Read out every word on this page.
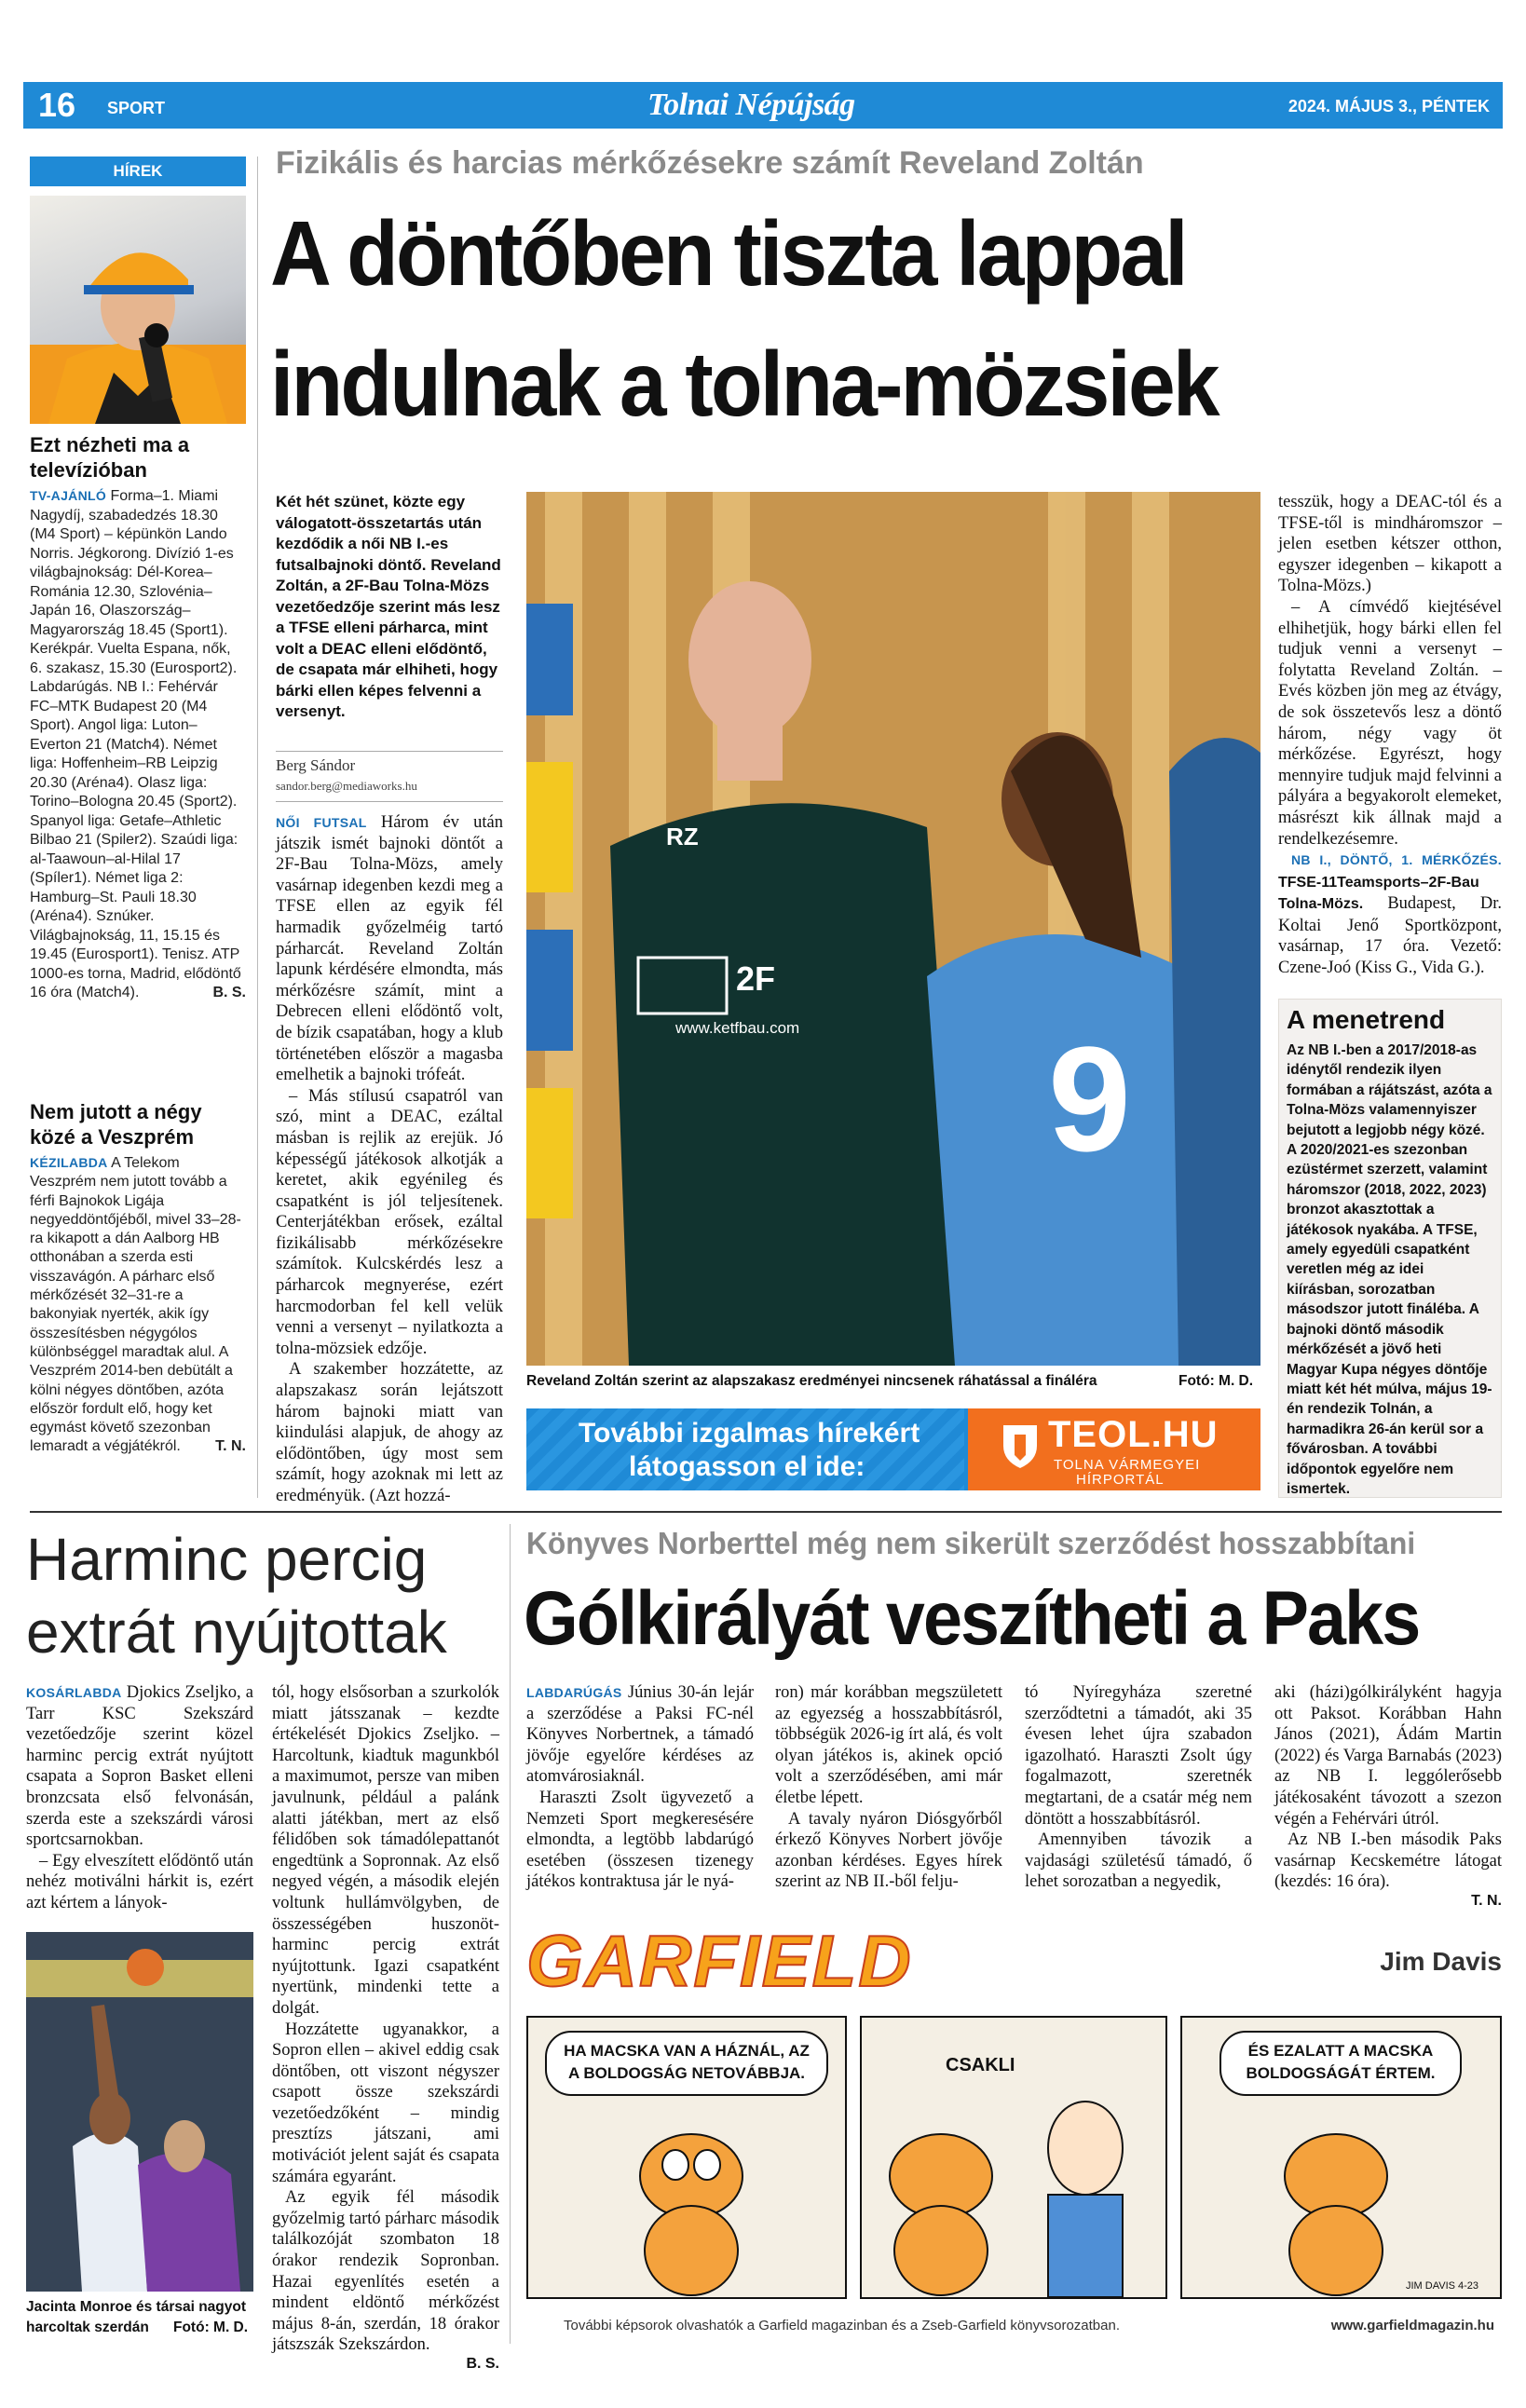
16 SPORT	Tolnai Népújság	2024. MÁJUS 3., PÉNTEK
HÍREK
Ezt nézheti ma a televízióban

TV-AJÁNLÓ Forma–1. Miami Nagydíj, szabadedzés 18.30 (M4 Sport) – képünkön Lando Norris. Jégkorong. Divízió 1-es világbajnokság: Dél-Korea–Románia 12.30, Szlovénia–Japán 16, Olaszország–Magyarország 18.45 (Sport1). Kerékpár. Vuelta Espana, nők, 6. szakasz, 15.30 (Eurosport2). Labdarúgás. NB I.: Fehérvár FC–MTK Budapest 20 (M4 Sport). Angol liga: Luton–Everton 21 (Match4). Német liga: Hoffenheim–RB Leipzig 20.30 (Aréna4). Olasz liga: Torino–Bologna 20.45 (Sport2). Spanyol liga: Getafe–Athletic Bilbao 21 (Spiler2). Szaúdi liga: al-Taawoun–al-Hilal 17 (Spíler1). Német liga 2: Hamburg–St. Pauli 18.30 (Aréna4). Sznúker. Világbajnokság, 11, 15.15 és 19.45 (Eurosport1). Tenisz. ATP 1000-es torna, Madrid, elődöntő 16 óra (Match4).	B. S.

Nem jutott a négy közé a Veszprém

KÉZILABDA A Telekom Veszprém nem jutott tovább a férfi Bajnokok Ligája negyeddöntőjéből, mivel 33–28-ra kikapott a dán Aalborg HB otthonában a szerda esti visszavágón. A párharc első mérkőzését 32–31-re a bakonyiak nyerték, akik így összesítésben négygólos különbséggel maradtak alul. A Veszprém 2014-ben debütált a kölni négyes döntőben, azóta először fordult elő, hogy ket egymást követő szezonban lemaradt a végjátékról. T. N.

Fizikális és harcias mérkőzésekre számít Reveland Zoltán
A döntőben tiszta lappal
indulnak a tolna-mözsiek

Két hét szünet, közte egy válogatott-összetartás után kezdődik a női NB I.-es futsalbajnoki döntő. Reveland Zoltán, a 2F-Bau Tolna-Mözs vezetőedzője szerint más lesz a TFSE elleni párharca, mint volt a DEAC elleni elődöntő, de csapata már elhiheti, hogy bárki ellen képes felvenni a versenyt.

Berg Sándor
sandor.berg@mediaworks.hu

NŐI FUTSAL Három év után játszik ismét bajnoki döntőt a 2F-Bau Tolna-Mözs, amely vasárnap idegenben kezdi meg a TFSE ellen az egyik fél harmadik győzelméig tartó párharcát. Reveland Zoltán lapunk kérdésére elmondta, más mérkőzésre számít, mint a Debrecen elleni elődöntő volt, de bízik csapatában, hogy a klub történetében először a magasba emelhetik a bajnoki trófeát.

– Más stílusú csapatról van szó, mint a DEAC, ezáltal másban is rejlik az erejük. Jó képességű játékosok alkotják a keretet, akik egyénileg és csapatként is jól teljesítenek. Centerjátékban erősek, ezáltal fizikálisabb mérkőzésekre számítok. Kulcskérdés lesz a párharcok megnyerése, ezért harcmodorban fel kell velük venni a versenyt – nyilatkozta a tolna-mözsiek edzője.

A szakember hozzátette, az alapszakasz során lejátszott három bajnoki miatt van kiindulási alapjuk, de ahogy az elődöntőben, úgy most sem számít, hogy azoknak mi lett az eredményük. (Azt hozzá-

RZ
2F
www.ketfbau.com 9
Reveland Zoltán szerint az alapszakasz eredményei nincsenek ráhatással a fináléra	Fotó: M. D.
További izgalmas hírekért
látogasson el ide:
TEOL.HU
TOLNA VÁRMEGYEI
HÍRPORTÁL

tesszük, hogy a DEAC-tól és a TFSE-től is mindháromszor – jelen esetben kétszer otthon, egyszer idegenben – kikapott a Tolna-Mözs.)

– A címvédő kiejtésével elhihetjük, hogy bárki ellen fel tudjuk venni a versenyt – folytatta Reveland Zoltán. – Evés közben jön meg az étvágy, de sok összetevős lesz a döntő három, négy vagy öt mérkőzése. Egyrészt, hogy mennyire tudjuk majd felvinni a pályára a begyakorolt elemeket, másrészt kik állnak majd a rendelkezésemre.

NB I., DÖNTŐ, 1. MÉRKŐZÉS. TFSE-11Teamsports–2F-Bau Tolna-Mözs. Budapest, Dr. Koltai Jenő Sportközpont, vasárnap, 17 óra. Vezető: Czene-Joó (Kiss G., Vida G.).

A menetrend

Az NB I.-ben a 2017/2018-as idénytől rendezik ilyen formában a rájátszást, azóta a Tolna-Mözs valamennyiszer bejutott a legjobb négy közé. A 2020/2021-es szezonban ezüstérmet szerzett, valamint háromszor (2018, 2022, 2023) bronzot akasztottak a játékosok nyakába. A TFSE, amely egyedüli csapatként veretlen még az idei kiírásban, sorozatban másodszor jutott fináléba. A bajnoki döntő második mérkőzését a jövő heti Magyar Kupa négyes döntője miatt két hét múlva, május 19-én rendezik Tolnán, a harmadikra 26-án kerül sor a fővárosban. A további időpontok egyelőre nem ismertek.

Harminc percig
extrát nyújtottak

KOSÁRLABDA Djokics Zseljko, a Tarr KSC Szekszárd vezetőedzője szerint közel harminc percig extrát nyújtott csapata a Sopron Basket elleni bronzcsata első felvonásán, szerda este a szekszárdi városi sportcsarnokban.

– Egy elveszített elődöntő után nehéz motiválni hárkit is, ezért azt kértem a lányok-

Jacinta Monroe és társai nagyot
harcoltak szerdán Fotó: M. D.

tól, hogy elsősorban a szurkolók miatt játsszanak – kezdte értékelését Djokics Zseljko. – Harcoltunk, kiadtuk magunkból a maximumot, persze van miben javulnunk, például a palánk alatti játékban, mert az első félidőben sok támadólepattanót engedtünk a Sopronnak. Az első negyed végén, a második elején voltunk hullámvölgyben, de összességében huszonöt-harminc percig extrát nyújtottunk. Igazi csapatként nyertünk, mindenki tette a dolgát.

Hozzátette ugyanakkor, a Sopron ellen – akivel eddig csak döntőben, ott viszont négyszer csapott össze szekszárdi vezetőedzőként – mindig presztízs játszani, ami motivációt jelent saját és csapata számára egyaránt.

Az egyik fél második győzelmig tartó párharc második találkozóját szombaton 18 órakor rendezik Sopronban. Hazai egyenlítés esetén a mindent eldöntő mérkőzést május 8-án, szerdán, 18 órakor játszszák Szekszárdon.

B. S.
Könyves Norberttel még nem sikerült szerződést hosszabbítani
Gólkirályát veszítheti a Paks

LABDARÚGÁS Június 30-án lejár a szerződése a Paksi FC-nél Könyves Norbertnek, a támadó jövője egyelőre kérdéses az atomvárosiaknál.

Haraszti Zsolt ügyvezető a Nemzeti Sport megkeresésére elmondta, a legtöbb labdarúgó esetében (összesen tizenegy játékos kontraktusa jár le nyá-

ron) már korábban megszületett az egyezség a hosszabbításról, többségük 2026-ig írt alá, és volt olyan játékos is, akinek opció volt a szerződésében, ami már életbe lépett.

A tavaly nyáron Diósgyőrből érkező Könyves Norbert jövője azonban kérdéses. Egyes hírek szerint az NB II.-ből felju-

tó Nyíregyháza szeretné szerződtetni a támadót, aki 35 évesen lehet újra szabadon igazolható. Haraszti Zsolt úgy fogalmazott, szeretnék megtartani, de a csatár még nem döntött a hosszabbításról.

Amennyiben távozik a vajdasági születésű támadó, ő lehet sorozatban a negyedik,

aki (házi)gólkirályként hagyja ott Paksot. Korábban Hahn János (2021), Ádám Martin (2022) és Varga Barnabás (2023) az NB I. leggólerősebb játékosaként távozott a szezon végén a Fehérvári útról.

Az NB I.-ben második Paks vasárnap Kecskemétre látogat (kezdés: 16 óra).

T. N.
GARFIELD	Jim Davis
HA MACSKA VAN A HÁZNÁL, AZ A BOLDOGSÁG NETOVÁBBJA.	CSAKLI
ÉS EZALATT A MACSKA BOLDOGSÁGÁT ÉRTEM.
JIM DAVIS 4-23
További képsorok olvashatók a Garfield magazinban és a Zseb-Garfield könyvsorozatban.	www.garfieldmagazin.hu
